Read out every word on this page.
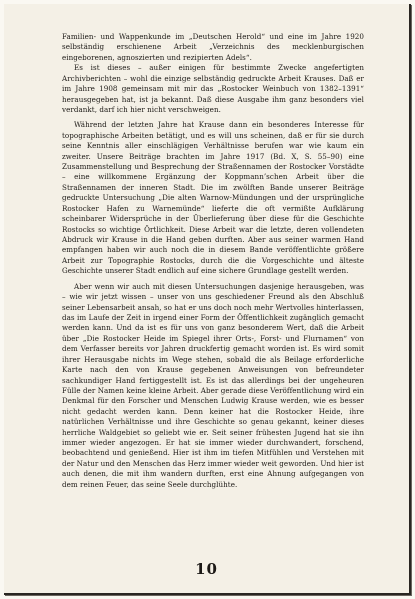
Familien- und Wappenkunde im „Deutschen Herold“ und eine im Jahre 1920 selbständig erschienene Arbeit „Verzeichnis des mecklenburgischen eingeborenen, agnoszierten und rezipierten Adels“.

Es ist dieses – außer einigen für bestimmte Zwecke angefertigten Archivberichten – wohl die einzige selbständig gedruckte Arbeit Krauses. Daß er im Jahre 1908 gemeinsam mit mir das „Rostocker Weinbuch von 1382–1391“ herausgegeben hat, ist ja bekannt. Daß diese Ausgabe ihm ganz besonders viel verdankt, darf ich hier nicht verschweigen.

Während der letzten Jahre hat Krause dann ein besonderes Interesse für topographische Arbeiten betätigt, und es will uns scheinen, daß er für sie durch seine Kenntnis aller einschlägigen Verhältnisse berufen war wie kaum ein zweiter. Unsere Beiträge brachten im Jahre 1917 (Bd. X, S. 55–90) eine Zusammenstellung und Besprechung der Straßennamen der Rostocker Vorstädte – eine willkommene Ergänzung der Koppmann’schen Arbeit über die Straßennamen der inneren Stadt. Die im zwölften Bande unserer Beiträge gedruckte Untersuchung „Die alten Warnow-Mündungen und der ursprüngliche Rostocker Hafen zu Warnemünde“ lieferte die oft vermißte Aufklärung scheinbarer Widersprüche in der Überlieferung über diese für die Geschichte Rostocks so wichtige Örtlichkeit. Diese Arbeit war die letzte, deren vollendeten Abdruck wir Krause in die Hand geben durften. Aber aus seiner warmen Hand empfangen haben wir auch noch die in diesem Bande veröffentlichte größere Arbeit zur Topographie Rostocks, durch die die Vorgeschichte und älteste Geschichte unserer Stadt endlich auf eine sichere Grundlage gestellt werden.

Aber wenn wir auch mit diesen Untersuchungen dasjenige herausgeben, was – wie wir jetzt wissen – unser von uns geschiedener Freund als den Abschluß seiner Lebensarbeit ansah, so hat er uns doch noch mehr Wertvolles hinterlassen, das im Laufe der Zeit in irgend einer Form der Öffentlichkeit zugänglich gemacht werden kann. Und da ist es für uns von ganz besonderem Wert, daß die Arbeit über „Die Rostocker Heide im Spiegel ihrer Orts-, Forst- und Flurnamen“ von dem Verfasser bereits vor Jahren druckfertig gemacht worden ist. Es wird somit ihrer Herausgabe nichts im Wege stehen, sobald die als Beilage erforderliche Karte nach den von Krause gegebenen Anweisungen von befreundeter sachkundiger Hand fertiggestellt ist. Es ist das allerdings bei der ungeheuren Fülle der Namen keine kleine Arbeit. Aber gerade diese Veröffentlichung wird ein Denkmal für den Forscher und Menschen Ludwig Krause werden, wie es besser nicht gedacht werden kann. Denn keiner hat die Rostocker Heide, ihre natürlichen Verhältnisse und ihre Geschichte so genau gekannt, keiner dieses herrliche Waldgebiet so geliebt wie er. Seit seiner frühesten Jugend hat sie ihn immer wieder angezogen. Er hat sie immer wieder durchwandert, forschend, beobachtend und genießend. Hier ist ihm im tiefen Mitfühlen und Verstehen mit der Natur und den Menschen das Herz immer wieder weit geworden. Und hier ist auch denen, die mit ihm wandern durften, erst eine Ahnung aufgegangen von dem reinen Feuer, das seine Seele durchglühte.

10
